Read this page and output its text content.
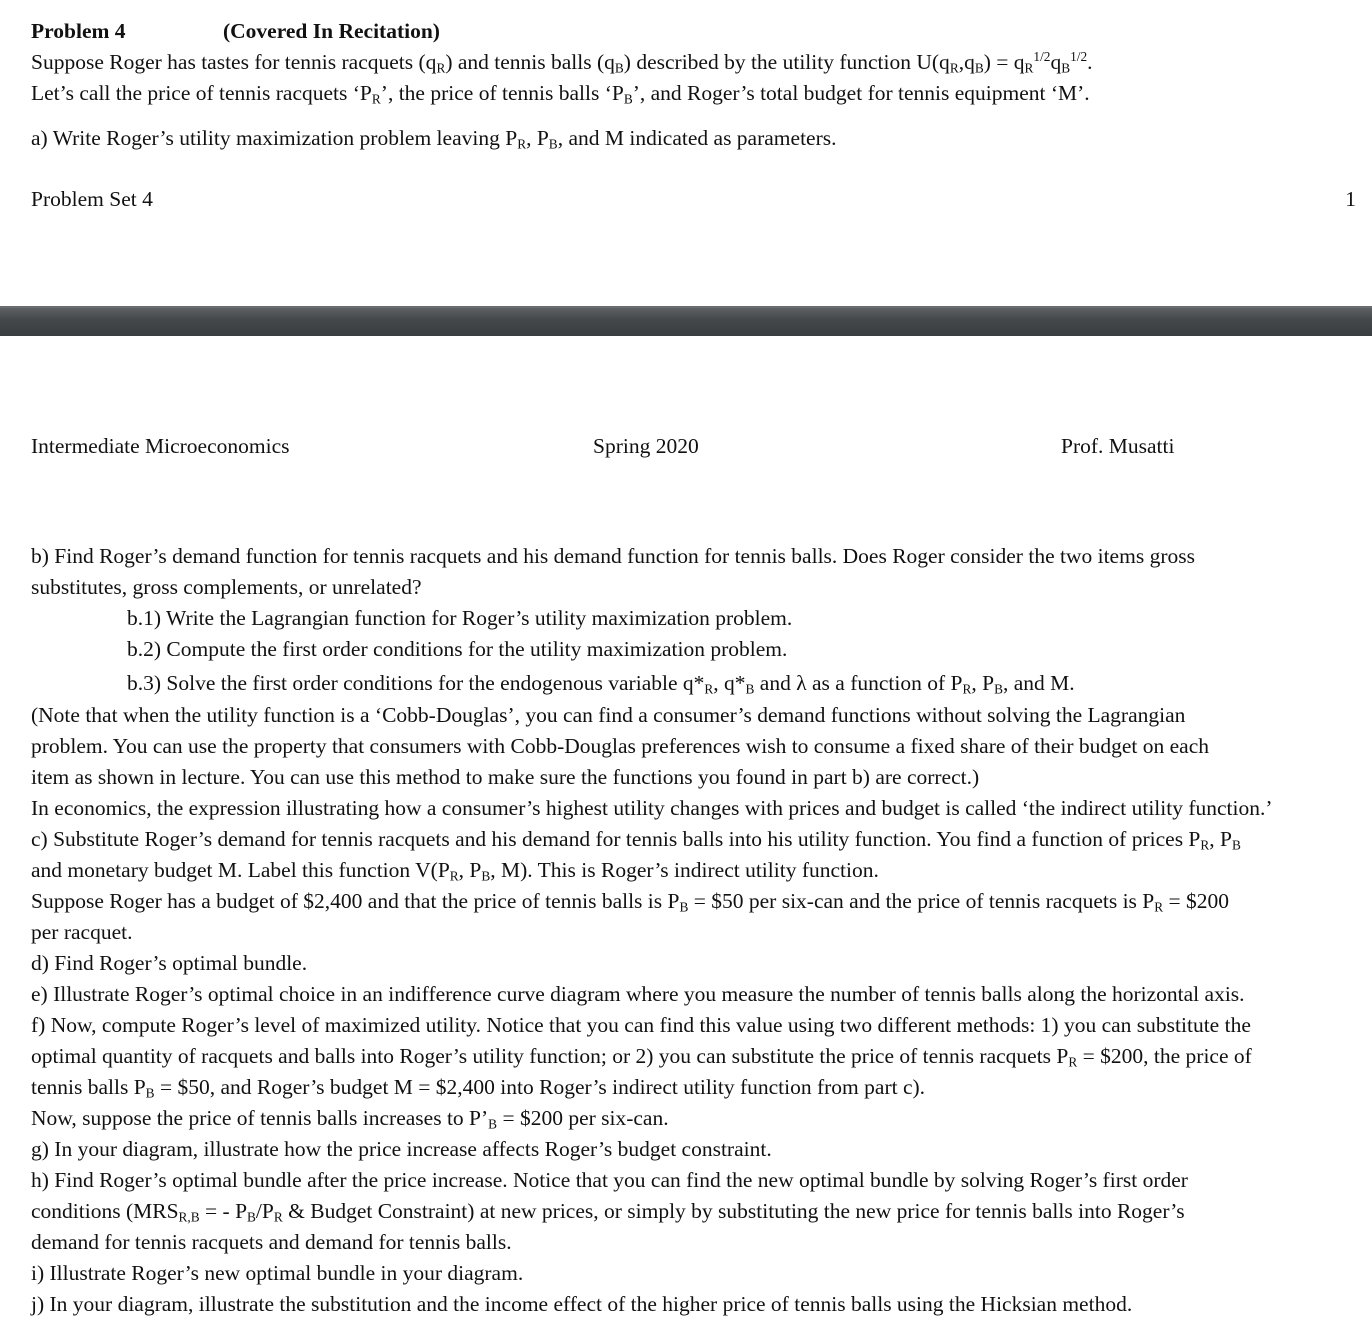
Problem 4	(Covered In Recitation)
Suppose Roger has tastes for tennis racquets $(q_R)$ and tennis balls $(q_B)$ described by the utility function $U(q_R,q_B) = q_R^{1/2}q_B^{1/2}$.
Let’s call the price of tennis racquets ‘$P_R$’, the price of tennis balls ‘$P_B$’, and Roger’s total budget for tennis equipment ‘M’.
a) Write Roger’s utility maximization problem leaving $P_R$, $P_B$, and M indicated as parameters.
Problem Set 4	1
Intermediate Microeconomics	Spring 2020	Prof. Musatti
b) Find Roger’s demand function for tennis racquets and his demand function for tennis balls. Does Roger consider the two items gross
substitutes, gross complements, or unrelated?
b.1) Write the Lagrangian function for Roger’s utility maximization problem.
b.2) Compute the first order conditions for the utility maximization problem.
b.3) Solve the first order conditions for the endogenous variable $q*_R$, $q*_B$ and λ as a function of $P_R$, $P_B$, and M.
(Note that when the utility function is a ‘Cobb-Douglas’, you can find a consumer’s demand functions without solving the Lagrangian
problem. You can use the property that consumers with Cobb-Douglas preferences wish to consume a fixed share of their budget on each
item as shown in lecture. You can use this method to make sure the functions you found in part b) are correct.)
In economics, the expression illustrating how a consumer’s highest utility changes with prices and budget is called ‘the indirect utility function.’
c) Substitute Roger’s demand for tennis racquets and his demand for tennis balls into his utility function. You find a function of prices $P_R$, $P_B$
and monetary budget M. Label this function $V(P_R$, $P_B$, M). This is Roger’s indirect utility function.
Suppose Roger has a budget of $2,400 and that the price of tennis balls is $P_B$ = $50 per six-can and the price of tennis racquets is $P_R$ = $200
per racquet.
d) Find Roger’s optimal bundle.
e) Illustrate Roger’s optimal choice in an indifference curve diagram where you measure the number of tennis balls along the horizontal axis.
f) Now, compute Roger’s level of maximized utility. Notice that you can find this value using two different methods: 1) you can substitute the
optimal quantity of racquets and balls into Roger’s utility function; or 2) you can substitute the price of tennis racquets $P_R$ = $200, the price of
tennis balls $P_B$ = $50, and Roger’s budget M = $2,400 into Roger’s indirect utility function from part c).
Now, suppose the price of tennis balls increases to $P’_B$ = $200 per six-can.
g) In your diagram, illustrate how the price increase affects Roger’s budget constraint.
h) Find Roger’s optimal bundle after the price increase. Notice that you can find the new optimal bundle by solving Roger’s first order
conditions ($MRS_{R,B}$ = - $P_B/P_R$ & Budget Constraint) at new prices, or simply by substituting the new price for tennis balls into Roger’s
demand for tennis racquets and demand for tennis balls.
i) Illustrate Roger’s new optimal bundle in your diagram.
j) In your diagram, illustrate the substitution and the income effect of the higher price of tennis balls using the Hicksian method.
